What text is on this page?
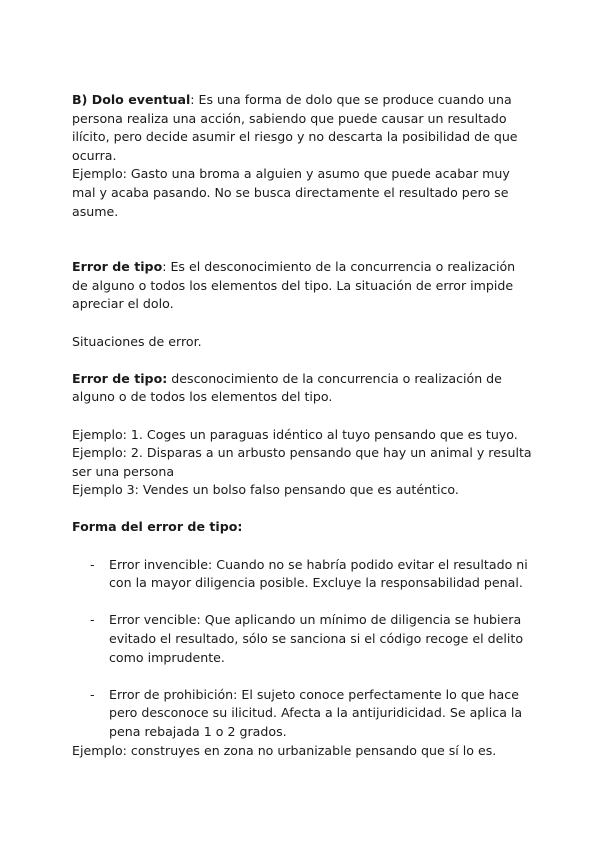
B) Dolo eventual: Es una forma de dolo que se produce cuando una persona realiza una acción, sabiendo que puede causar un resultado ilícito, pero decide asumir el riesgo y no descarta la posibilidad de que ocurra.

Ejemplo: Gasto una broma a alguien y asumo que puede acabar muy mal y acaba pasando. No se busca directamente el resultado pero se asume.

Error de tipo: Es el desconocimiento de la concurrencia o realización de alguno o todos los elementos del tipo. La situación de error impide apreciar el dolo.

Situaciones de error.

Error de tipo: desconocimiento de la concurrencia o realización de alguno o de todos los elementos del tipo.

Ejemplo: 1. Coges un paraguas idéntico al tuyo pensando que es tuyo.

Ejemplo: 2. Disparas a un arbusto pensando que hay un animal y resulta ser una persona

Ejemplo 3: Vendes un bolso falso pensando que es auténtico.

Forma del error de tipo:

- Error invencible: Cuando no se habría podido evitar el resultado ni con la mayor diligencia posible. Excluye la responsabilidad penal.
- Error vencible: Que aplicando un mínimo de diligencia se hubiera evitado el resultado, sólo se sanciona si el código recoge el delito como imprudente.
- Error de prohibición: El sujeto conoce perfectamente lo que hace pero desconoce su ilicitud. Afecta a la antijuridicidad. Se aplica la pena rebajada 1 o 2 grados.

Ejemplo: construyes en zona no urbanizable pensando que sí lo es.
